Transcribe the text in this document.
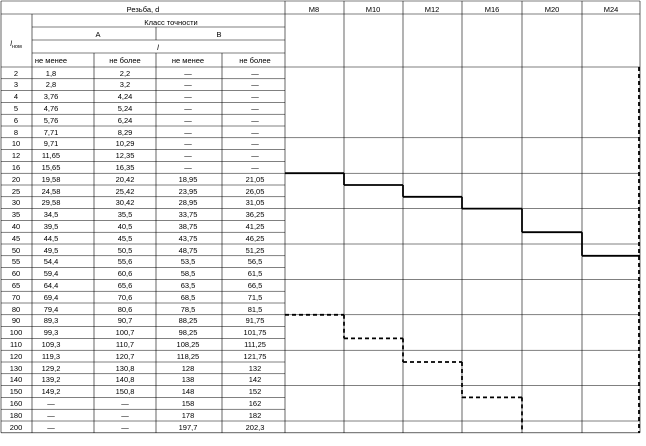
Резьба, d
Класс точности
A	B
l
$l_{ном}$
не менее	не более	не менее	не более
M8	M10	M12	M16	M20	M24
2	1,8	2,2	—	—
3	2,8	3,2	—	—
4	3,76	4,24	—	—
5	4,76	5,24	—	—
6	5,76	6,24	—	—
8	7,71	8,29	—	—
10	9,71	10,29	—	—
12	11,65	12,35	—	—
16	15,65	16,35	—	—
20	19,58	20,42	18,95	21,05
25	24,58	25,42	23,95	26,05
30	29,58	30,42	28,95	31,05
35	34,5	35,5	33,75	36,25
40	39,5	40,5	38,75	41,25
45	44,5	45,5	43,75	46,25
50	49,5	50,5	48,75	51,25
55	54,4	55,6	53,5	56,5
60	59,4	60,6	58,5	61,5
65	64,4	65,6	63,5	66,5
70	69,4	70,6	68,5	71,5
80	79,4	80,6	78,5	81,5
90	89,3	90,7	88,25	91,75
100	99,3	100,7	98,25	101,75
110	109,3	110,7	108,25	111,25
120	119,3	120,7	118,25	121,75
130	129,2	130,8	128	132
140	139,2	140,8	138	142
150	149,2	150,8	148	152
160	—	—	158	162
180	—	—	178	182
200	—	—	197,7	202,3
